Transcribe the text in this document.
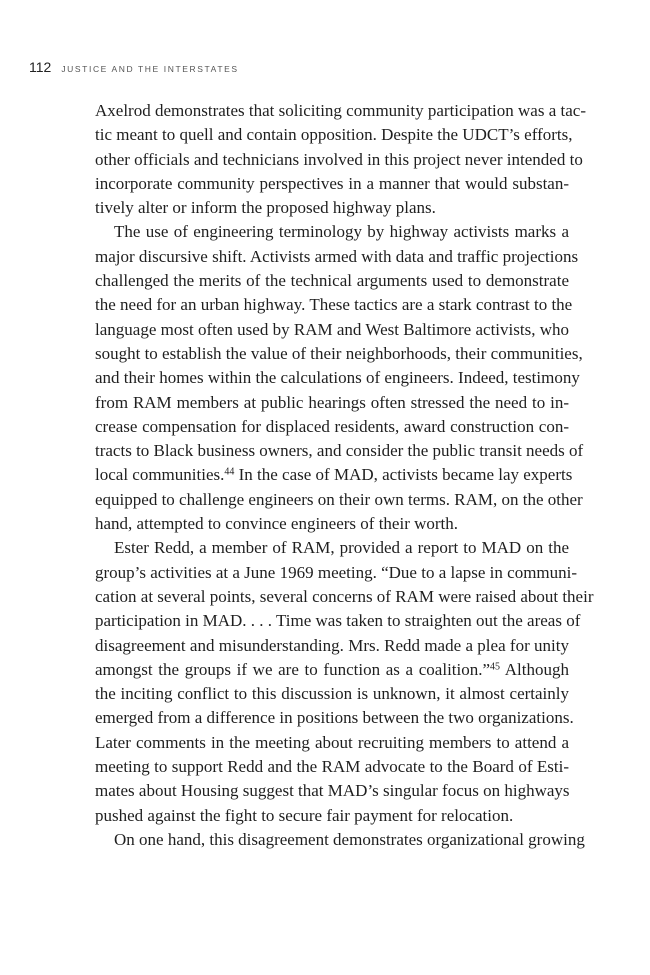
112 JUSTICE AND THE INTERSTATES
Axelrod demonstrates that soliciting community participation was a tac-
tic meant to quell and contain opposition. Despite the UDCT’s efforts,
other officials and technicians involved in this project never intended to
incorporate community perspectives in a manner that would substan-
tively alter or inform the proposed highway plans.
The use of engineering terminology by highway activists marks a
major discursive shift. Activists armed with data and traffic projections
challenged the merits of the technical arguments used to demonstrate
the need for an urban highway. These tactics are a stark contrast to the
language most often used by RAM and West Baltimore activists, who
sought to establish the value of their neighborhoods, their communities,
and their homes within the calculations of engineers. Indeed, testimony
from RAM members at public hearings often stressed the need to in-
crease compensation for displaced residents, award construction con-
tracts to Black business owners, and consider the public transit needs of
local communities.$^{44}$ In the case of MAD, activists became lay experts
equipped to challenge engineers on their own terms. RAM, on the other
hand, attempted to convince engineers of their worth.
Ester Redd, a member of RAM, provided a report to MAD on the
group’s activities at a June 1969 meeting. “Due to a lapse in communi-
cation at several points, several concerns of RAM were raised about their
participation in MAD. . . . Time was taken to straighten out the areas of
disagreement and misunderstanding. Mrs. Redd made a plea for unity
amongst the groups if we are to function as a coalition.”$^{45}$ Although
the inciting conflict to this discussion is unknown, it almost certainly
emerged from a difference in positions between the two organizations.
Later comments in the meeting about recruiting members to attend a
meeting to support Redd and the RAM advocate to the Board of Esti-
mates about Housing suggest that MAD’s singular focus on highways
pushed against the fight to secure fair payment for relocation.
On one hand, this disagreement demonstrates organizational growing
